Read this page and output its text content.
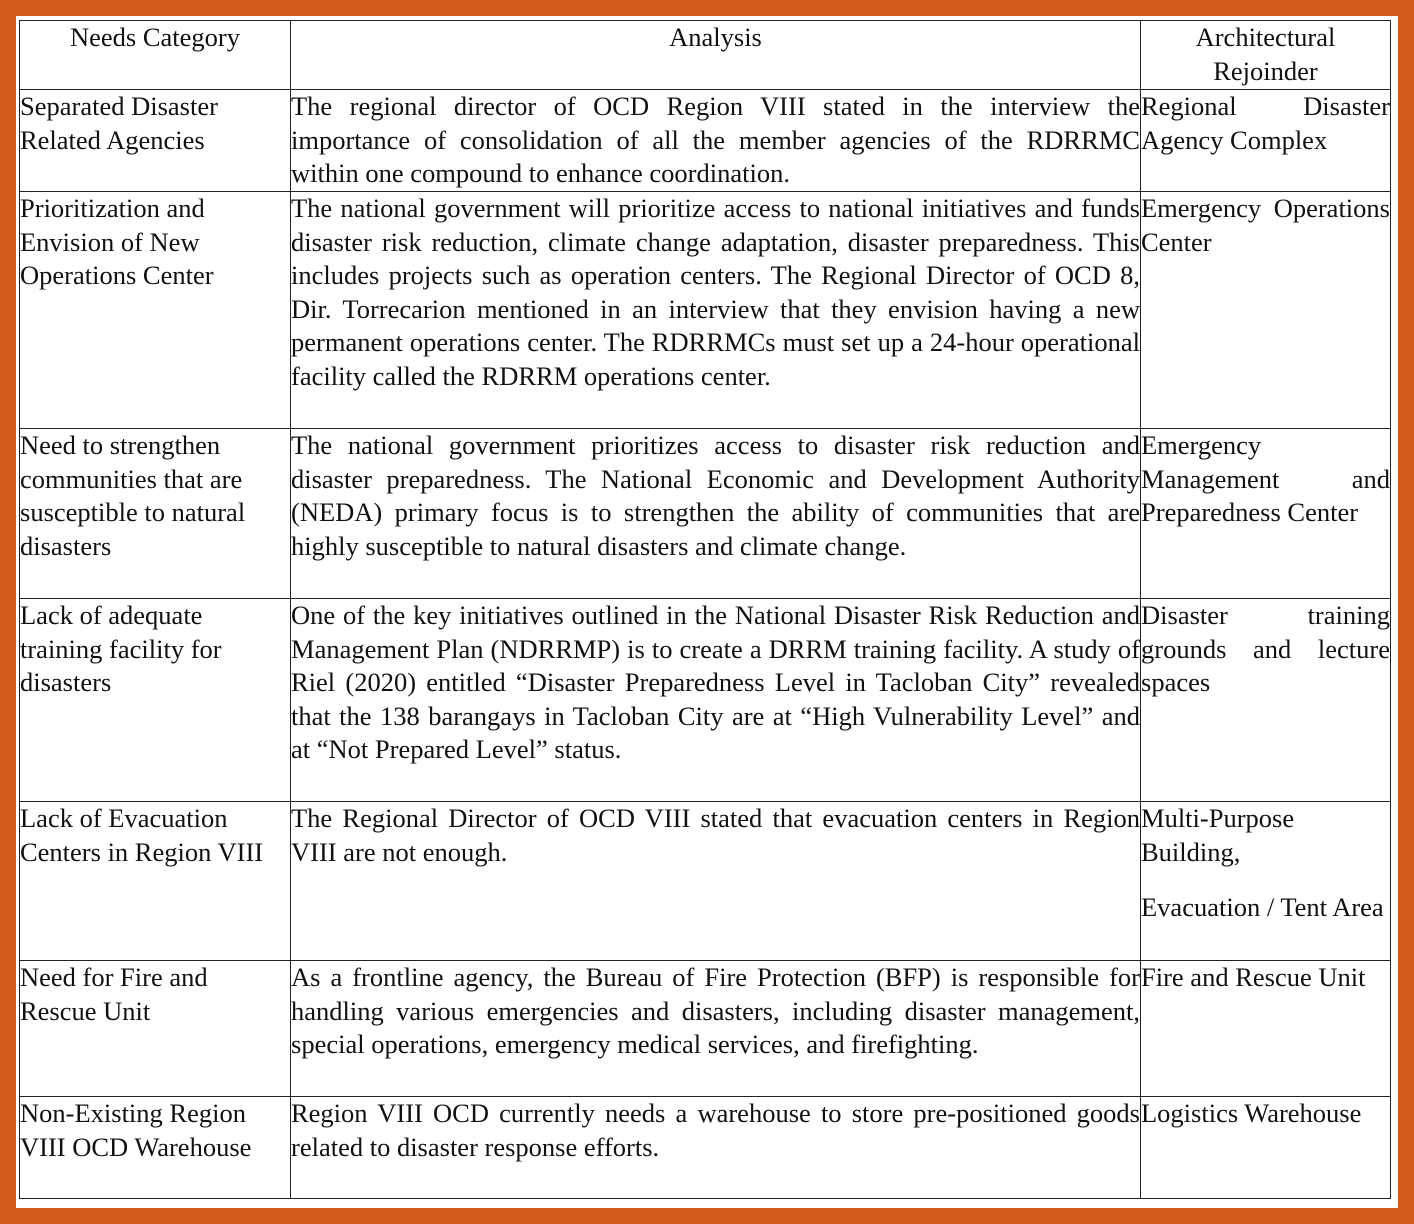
Needs Category	Analysis	Architectural Rejoinder
Separated Disaster Related Agencies	The regional director of OCD Region VIII stated in the interview the importance of consolidation of all the member agencies of the RDRRMC within one compound to enhance coordination.	Regional Disaster Agency Complex

Prioritization and Envision of New Operations Center	The national government will prioritize access to national initiatives and funds disaster risk reduction, climate change adaptation, disaster preparedness. This includes projects such as operation centers. The Regional Director of OCD 8, Dir. Torrecarion mentioned in an interview that they envision having a new permanent operations center. The RDRRMCs must set up a 24-hour operational facility called the RDRRM operations center.	Emergency Operations Center

Need to strengthen communities that are susceptible to natural disasters	The national government prioritizes access to disaster risk reduction and disaster preparedness. The National Economic and Development Authority (NEDA) primary focus is to strengthen the ability of communities that are highly susceptible to natural disasters and climate change.	Emergency Management and Preparedness Center

Lack of adequate training facility for disasters	One of the key initiatives outlined in the National Disaster Risk Reduction and Management Plan (NDRRMP) is to create a DRRM training facility. A study of Riel (2020) entitled “Disaster Preparedness Level in Tacloban City” revealed that the 138 barangays in Tacloban City are at “High Vulnerability Level” and at “Not Prepared Level” status.	Disaster training grounds and lecture spaces

Lack of Evacuation Centers in Region VIII	The Regional Director of OCD VIII stated that evacuation centers in Region VIII are not enough.	Multi-Purpose Building,
Evacuation / Tent Area

Need for Fire and Rescue Unit	As a frontline agency, the Bureau of Fire Protection (BFP) is responsible for handling various emergencies and disasters, including disaster management, special operations, emergency medical services, and firefighting.	Fire and Rescue Unit

Non-Existing Region VIII OCD Warehouse	Region VIII OCD currently needs a warehouse to store pre-positioned goods related to disaster response efforts.	Logistics Warehouse
